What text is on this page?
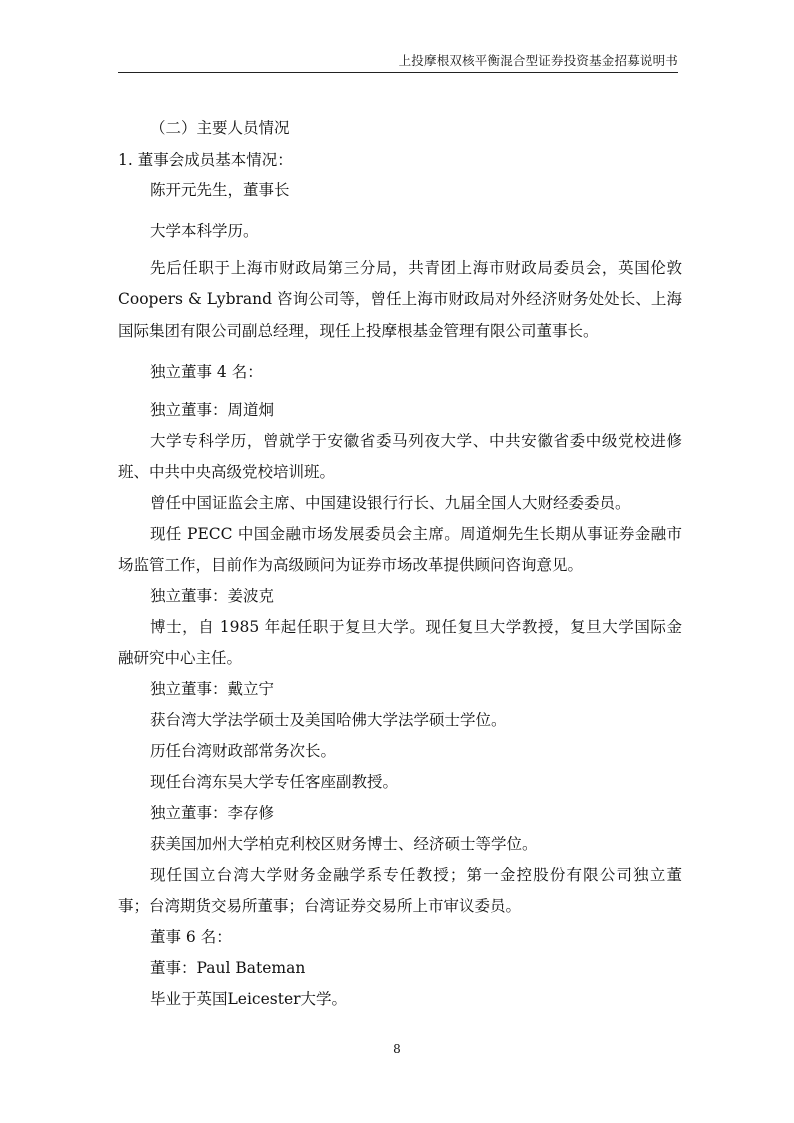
上投摩根双核平衡混合型证券投资基金招募说明书
（二）主要人员情况
1. 董事会成员基本情况：
陈开元先生，董事长
大学本科学历。
先后任职于上海市财政局第三分局，共青团上海市财政局委员会，英国伦敦
Coopers & Lybrand 咨询公司等，曾任上海市财政局对外经济财务处处长、上海
国际集团有限公司副总经理，现任上投摩根基金管理有限公司董事长。
独立董事 4 名：
独立董事：周道炯
大学专科学历，曾就学于安徽省委马列夜大学、中共安徽省委中级党校进修
班、中共中央高级党校培训班。
曾任中国证监会主席、中国建设银行行长、九届全国人大财经委委员。
现任 PECC 中国金融市场发展委员会主席。周道炯先生长期从事证券金融市
场监管工作，目前作为高级顾问为证券市场改革提供顾问咨询意见。
独立董事：姜波克
博士，自 1985 年起任职于复旦大学。现任复旦大学教授，复旦大学国际金
融研究中心主任。
独立董事：戴立宁
获台湾大学法学硕士及美国哈佛大学法学硕士学位。
历任台湾财政部常务次长。
现任台湾东吴大学专任客座副教授。
独立董事：李存修
获美国加州大学柏克利校区财务博士、经济硕士等学位。
现任国立台湾大学财务金融学系专任教授；第一金控股份有限公司独立董
事；台湾期货交易所董事；台湾证券交易所上市审议委员。
董事 6 名：
董事：Paul Bateman
毕业于英国Leicester大学。
8
